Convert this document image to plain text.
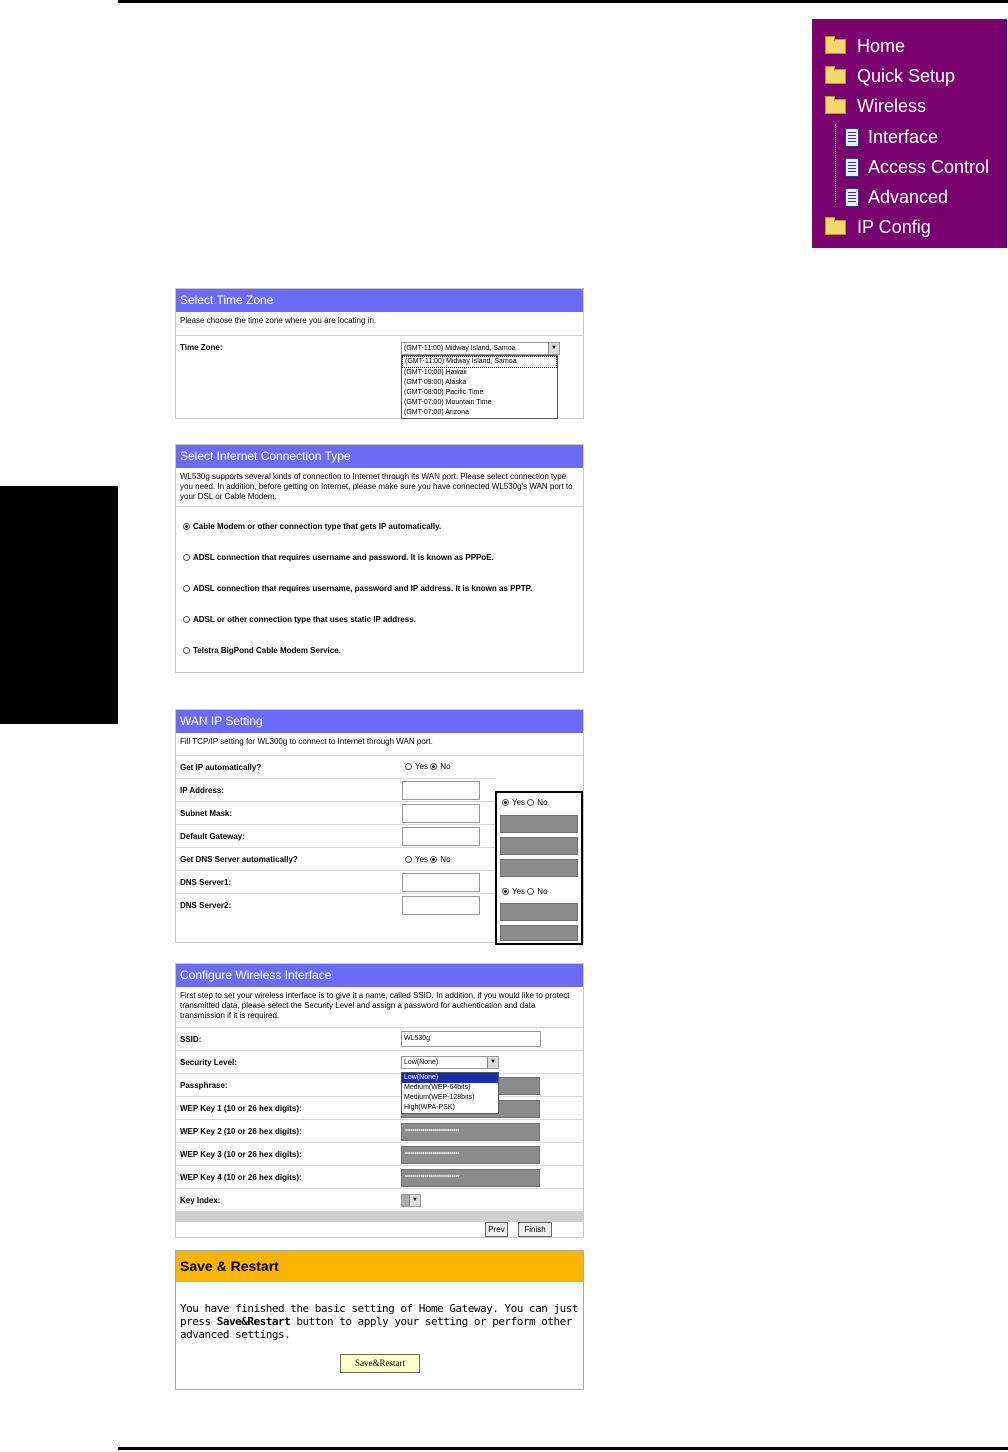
Home
Quick Setup
Wireless
Interface
Access Control
Advanced
IP Config
Select Time Zone
Please choose the time zone where you are locating in.
Time Zone:	(GMT-11:00) Midway Island, Samoa	▼
(GMT-11:00) Midway Island, Samoa
(GMT-10:00) Hawaii
(GMT-09:00) Alaska
(GMT-08:00) Pacific Time
(GMT-07:00) Mountain Time
(GMT-07:00) Arizona
Select Internet Connection Type
WL530g supports several kinds of connection to Internet through its WAN port. Please select connection type you need. In addition, before getting on Internet, please make sure you have connected WL530g's WAN port to your DSL or Cable Modem.
Cable Modem or other connection type that gets IP automatically.
ADSL connection that requires username and password. It is known as PPPoE.
ADSL connection that requires username, password and IP address. It is known as PPTP.
ADSL or other connection type that uses static IP address.
Telstra BigPond Cable Modem Service.
WAN IP Setting
Fill TCP/IP setting for WL300g to connect to Internet through WAN port.
Get IP automatically?	Yes No
IP Address:
Subnet Mask:
Default Gateway:
Get DNS Server automatically?	Yes No
DNS Server1:
DNS Server2:
Yes No
Yes No
Configure Wireless Interface
First step to set your wireless interface is to give it a name, called SSID. In addition, if you would like to protect transmitted data, please select the Security Level and assign a password for authentication and data transmission if it is required.
SSID:	WL530g
Security Level:	Low(None)	▼
Passphrase:
WEP Key 1 (10 or 26 hex digits):
WEP Key 2 (10 or 26 hex digits):	****************************
WEP Key 3 (10 or 26 hex digits):	****************************
WEP Key 4 (10 or 26 hex digits):	****************************
Key Index:	▼
Prev	Finish
Low(None)
Medium(WEP-64bits)
Medium(WEP-128bits)
High(WPA-PSK)
Save & Restart
You have finished the basic setting of Home Gateway. You can just press Save&Restart button to apply your setting or perform other advanced settings.
Save&Restart
